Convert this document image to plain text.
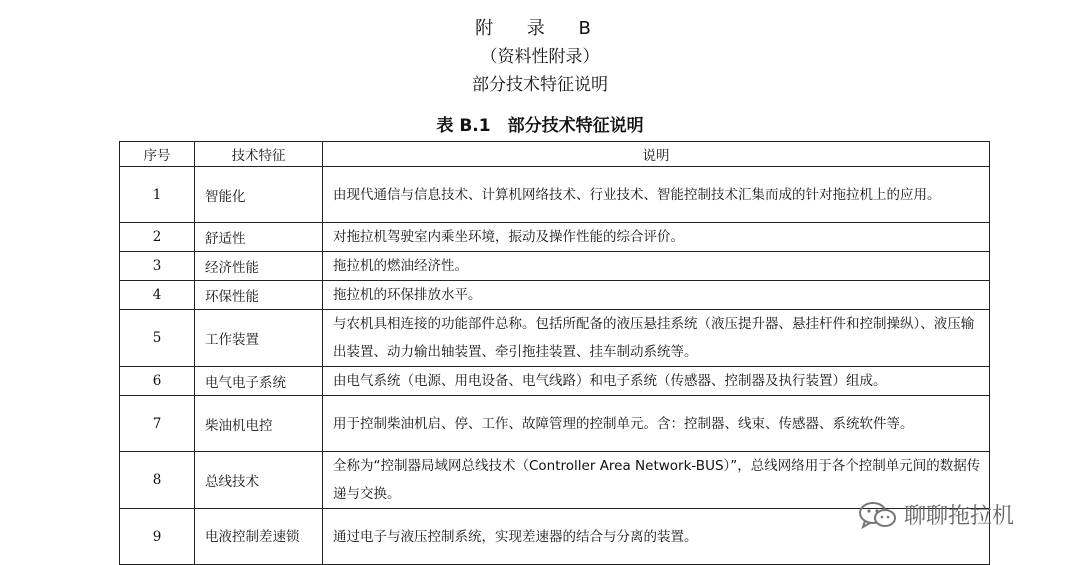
附 录 B
（资料性附录）
部分技术特征说明
表 B.1　部分技术特征说明
序号	技术特征	说明
1	智能化	由现代通信与信息技术、计算机网络技术、行业技术、智能控制技术汇集而成的针对拖拉机上的应用。
2	舒适性	对拖拉机驾驶室内乘坐环境，振动及操作性能的综合评价。
3	经济性能	拖拉机的燃油经济性。
4	环保性能	拖拉机的环保排放水平。
5	工作装置	与农机具相连接的功能部件总称。包括所配备的液压悬挂系统（液压提升器、悬挂杆件和控制操纵）、液压输出装置、动力输出轴装置、牵引拖挂装置、挂车制动系统等。
6	电气电子系统	由电气系统（电源、用电设备、电气线路）和电子系统（传感器、控制器及执行装置）组成。
7	柴油机电控	用于控制柴油机启、停、工作、故障管理的控制单元。含：控制器、线束、传感器、系统软件等。
8	总线技术	全称为“控制器局域网总线技术（Controller Area Network-BUS）”，总线网络用于各个控制单元间的数据传递与交换。
9	电液控制差速锁	通过电子与液压控制系统，实现差速器的结合与分离的装置。
聊聊拖拉机
